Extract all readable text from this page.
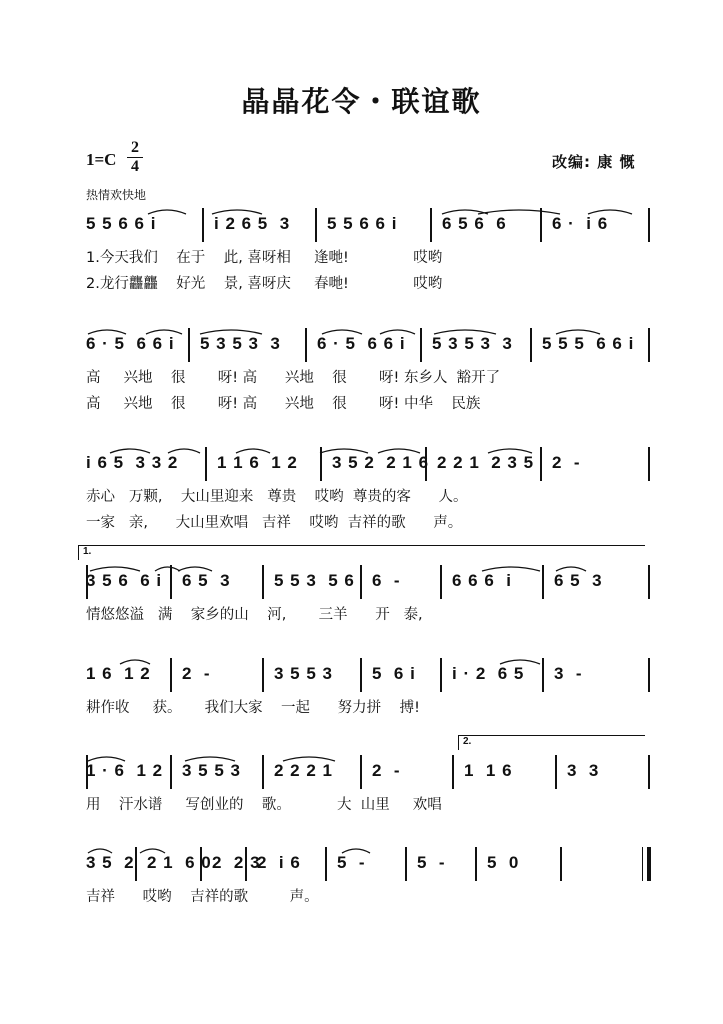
晶晶花令・联谊歌
1=C
2
4	改编: 康 慨
热情欢快地
5 5 6 6 i	i 2 6 5  3 5 5 6 6 i	6 5 6  6	6 ·  i 6
1.今天我们    在于    此, 喜呀相     逢哋!              哎哟
2.龙行龘龘    好光    景, 喜呀庆     春哋!              哎哟
6 · 5  6 6 i 5 3 5 3  3 6 · 5  6 6 i 5 3 5 3  3 5 5 5  6 6 i
高     兴地    很       呀! 高      兴地    很       呀! 东乡人  豁开了
高     兴地    很       呀! 高      兴地    很       呀! 中华    民族
i 6 5  3 3 2 1 1 6  1 2 3 5 2  2 1 6 2 2 1  2 3 5 2  -
赤心   万颗,    大山里迎来   尊贵    哎哟  尊贵的客      人。
一家   亲,      大山里欢唱   吉祥    哎哟  吉祥的歌      声。
1.
3 5 6  6 i 6 5  3	5 5 3  5 6 6  -	6 6 6  i 6 5  3
情悠悠溢   满    家乡的山    河,       三羊      开   泰,
1 6  1 2 2  -	3 5 5 3 5  6 i i · 2  6 5 3  -
耕作收     获。     我们大家    一起      努力拼    搏!
2.
1 · 6  1 2 3 5 5 3 2 2 2 1 2  -	1  1 6	3  3
用    汗水谱     写创业的    歌。          大  山里     欢唱
3 5  2 2 1  6 0 2  2 3
2  i 6 5  -	5  - 5  0
吉祥      哎哟    吉祥的歌         声。
